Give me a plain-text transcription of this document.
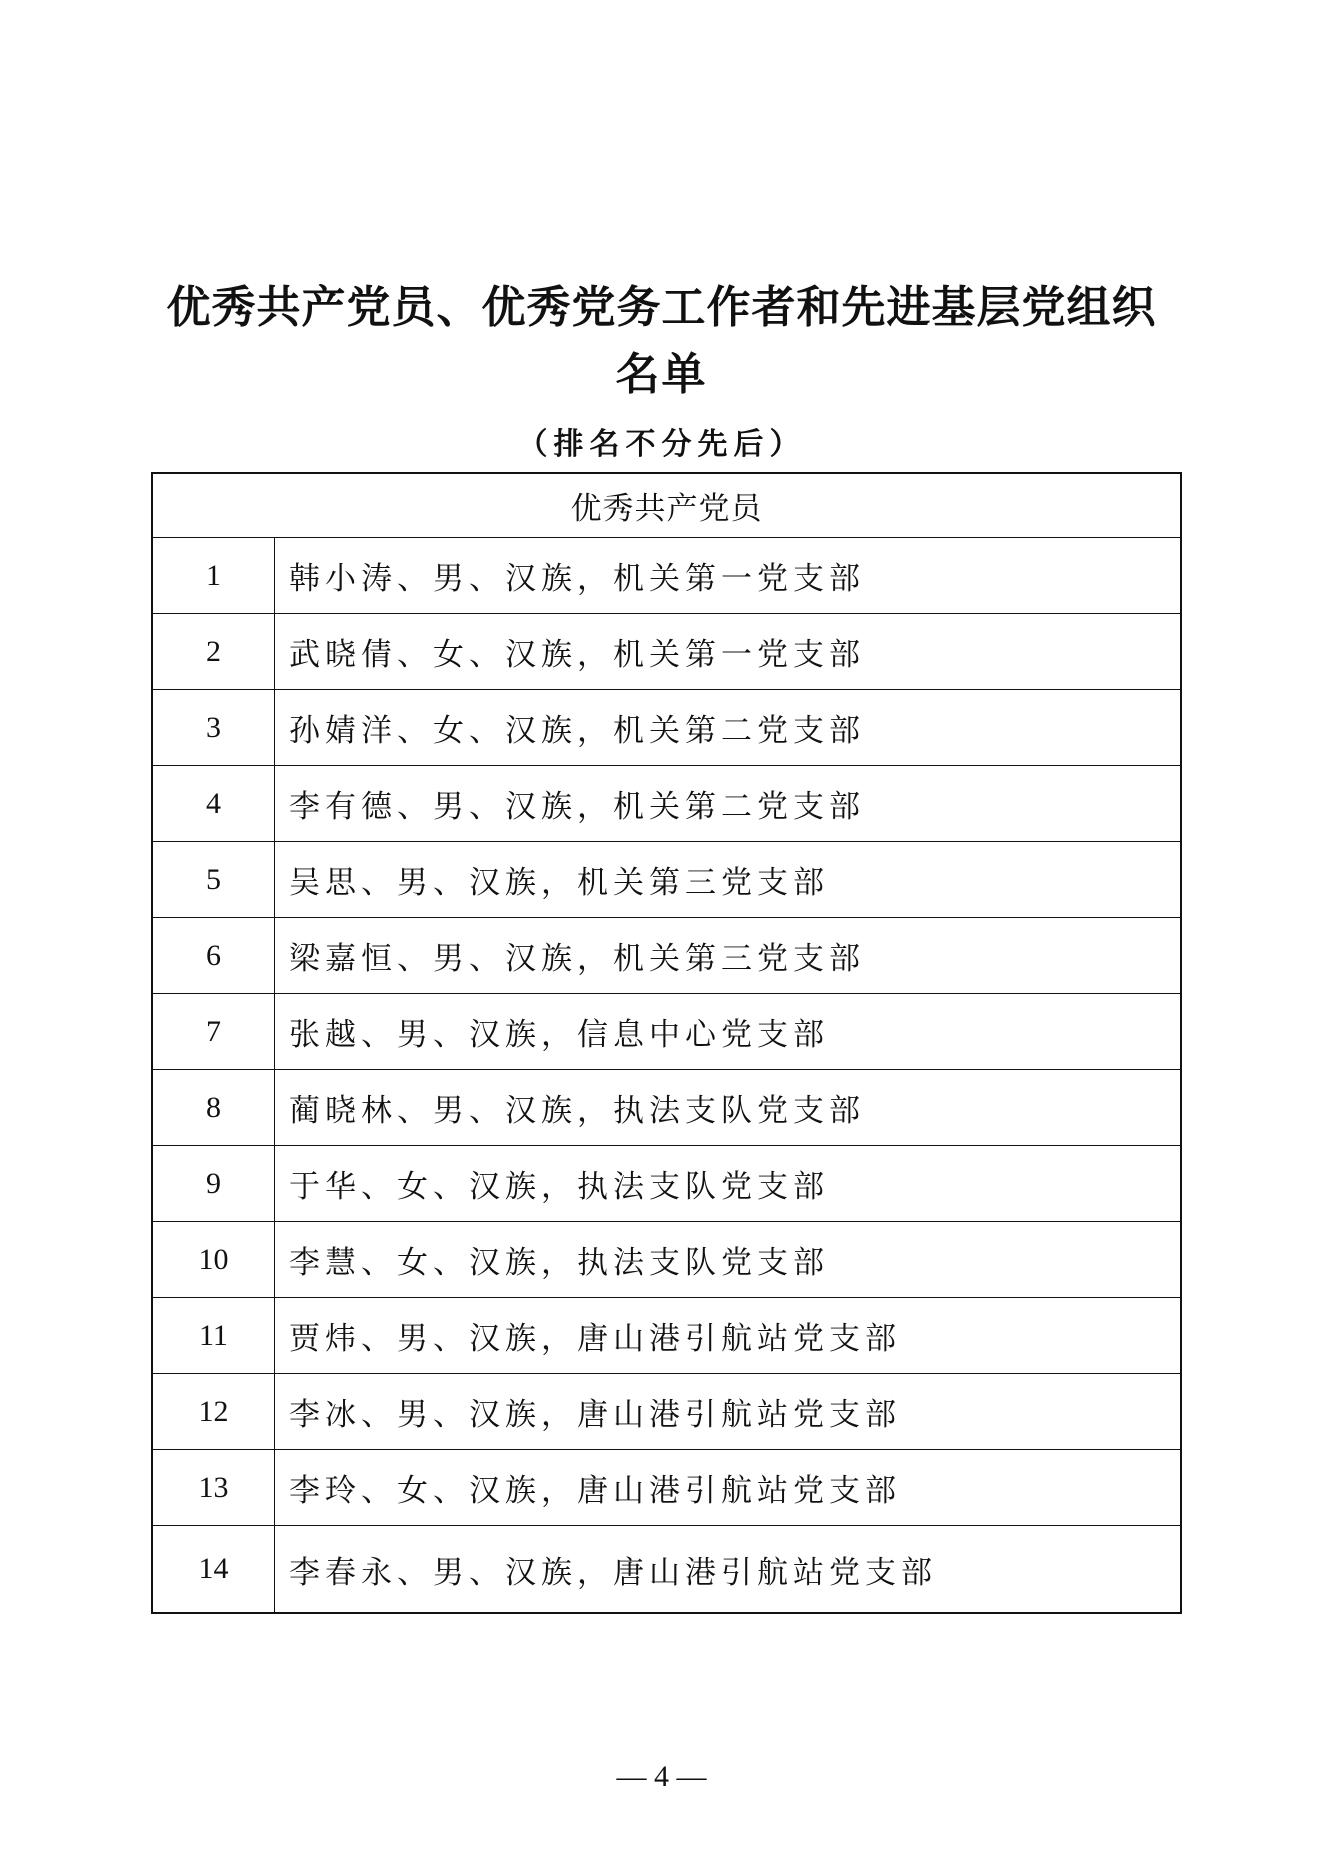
优秀共产党员、优秀党务工作者和先进基层党组织
名单
（排名不分先后）
优秀共产党员	
1	韩小涛、男、汉族，机关第一党支部
2	武晓倩、女、汉族，机关第一党支部
3	孙婧洋、女、汉族，机关第二党支部
4	李有德、男、汉族，机关第二党支部
5	吴思、男、汉族，机关第三党支部
6	梁嘉恒、男、汉族，机关第三党支部
7	张越、男、汉族，信息中心党支部
8	蔺晓林、男、汉族，执法支队党支部
9	于华、女、汉族，执法支队党支部
10	李慧、女、汉族，执法支队党支部
11	贾炜、男、汉族，唐山港引航站党支部
12	李冰、男、汉族，唐山港引航站党支部
13	李玲、女、汉族，唐山港引航站党支部
14	李春永、男、汉族，唐山港引航站党支部
— 4 —
